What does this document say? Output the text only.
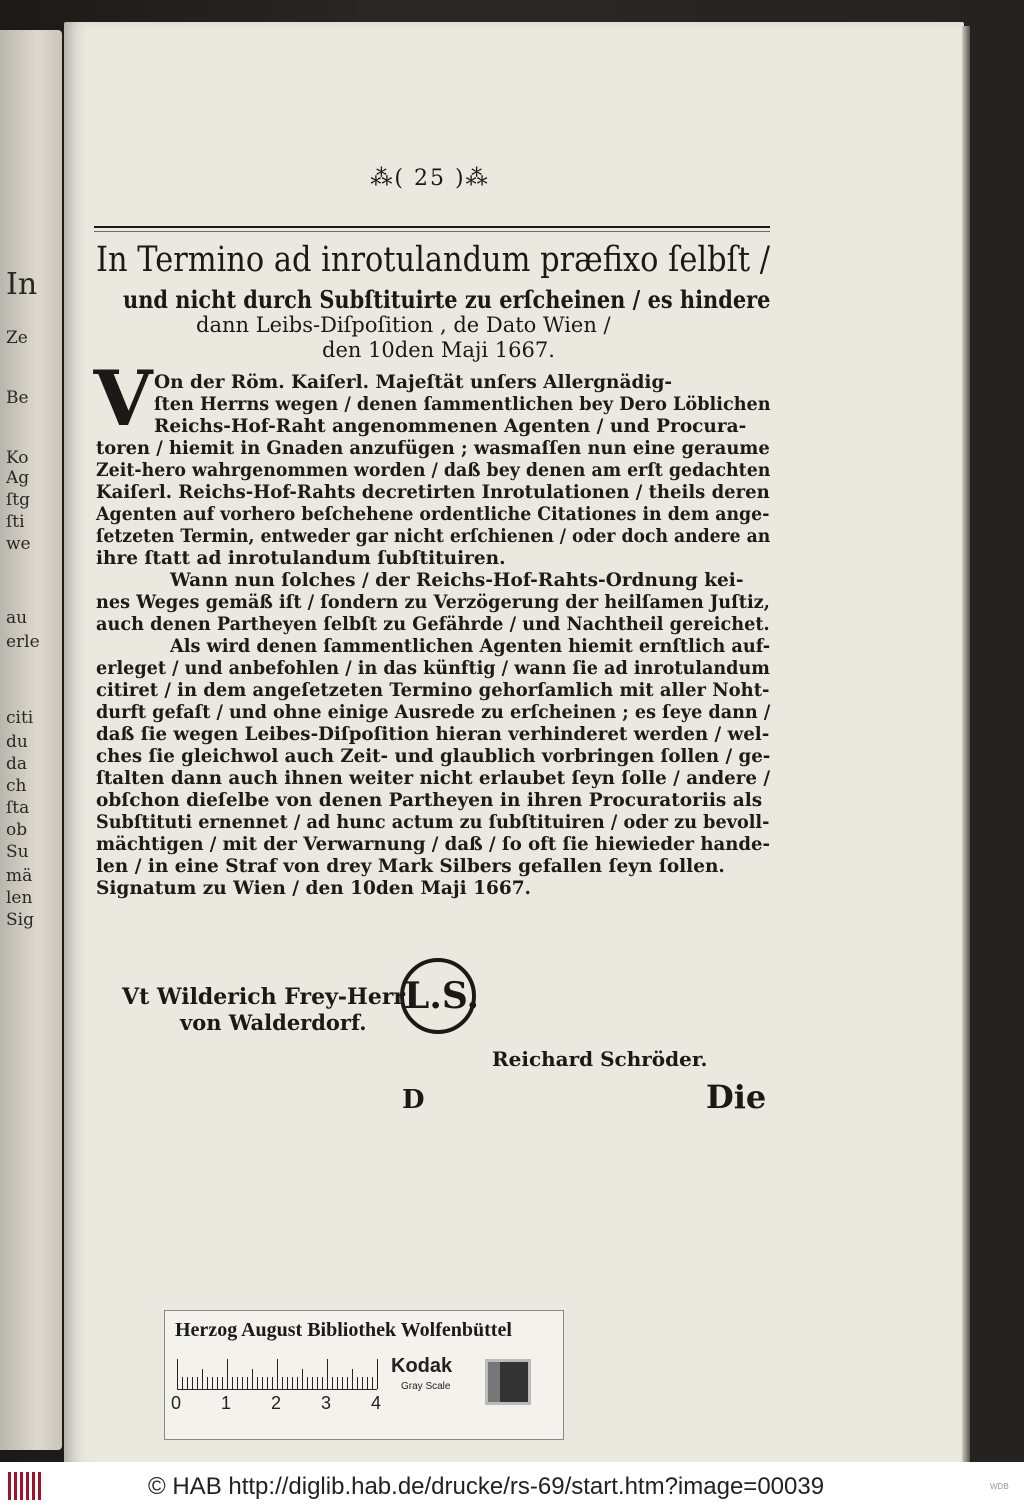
In
Ze
Be
Ko
Ag
ſtg
ſti
we
au
erle
citi
du
da
ch
ſta
ob
Su
mä
len
Sig
⁂( 25 )⁂
In Termino ad inrotulandum præfixo ſelbſt /
und nicht durch Subſtituirte zu erſcheinen / es hindere
dann Leibs-Diſpoſition , de Dato Wien /
den 10den Maji 1667.
V On der Röm. Kaiſerl. Majeſtät unſers Allergnädig-
ſten Herrns wegen / denen ſammentlichen bey Dero Löblichen
Reichs-Hof-Raht angenommenen Agenten / und Procura-
toren / hiemit in Gnaden anzufügen ; wasmaſſen nun eine geraume
Zeit-hero wahrgenommen worden / daß bey denen am erſt gedachten
Kaiſerl. Reichs-Hof-Rahts decretirten Inrotulationen / theils deren
Agenten auf vorhero beſchehene ordentliche Citationes in dem ange-
ſetzeten Termin, entweder gar nicht erſchienen / oder doch andere an
ihre ſtatt ad inrotulandum ſubſtituiren.
Wann nun ſolches / der Reichs-Hof-Rahts-Ordnung kei-
nes Weges gemäß iſt / ſondern zu Verzögerung der heilſamen Juſtiz,
auch denen Partheyen ſelbſt zu Gefährde / und Nachtheil gereichet.
Als wird denen ſammentlichen Agenten hiemit ernſtlich auf-
erleget / und anbefohlen / in das künftig / wann ſie ad inrotulandum
citiret / in dem angeſetzeten Termino gehorſamlich mit aller Noht-
durft gefaſt / und ohne einige Ausrede zu erſcheinen ; es ſeye dann /
daß ſie wegen Leibes-Diſpoſition hieran verhinderet werden / wel-
ches ſie gleichwol auch Zeit- und glaublich vorbringen ſollen / ge-
ſtalten dann auch ihnen weiter nicht erlaubet ſeyn ſolle / andere /
obſchon dieſelbe von denen Partheyen in ihren Procuratoriis als
Subſtituti ernennet / ad hunc actum zu ſubſtituiren / oder zu bevoll-
mächtigen / mit der Verwarnung / daß / ſo oft ſie hiewieder hande-
len / in eine Straf von drey Mark Silbers gefallen ſeyn ſollen.
Signatum zu Wien / den 10den Maji 1667.
Vt Wilderich Frey-Herr
von Walderdorf.
L.S.
Reichard Schröder.
D	Die
Herzog August Bibliothek Wolfenbüttel
0 1 2 3 4
Kodak
Gray Scale
© HAB http://diglib.hab.de/drucke/rs-69/start.htm?image=00039	WDB
